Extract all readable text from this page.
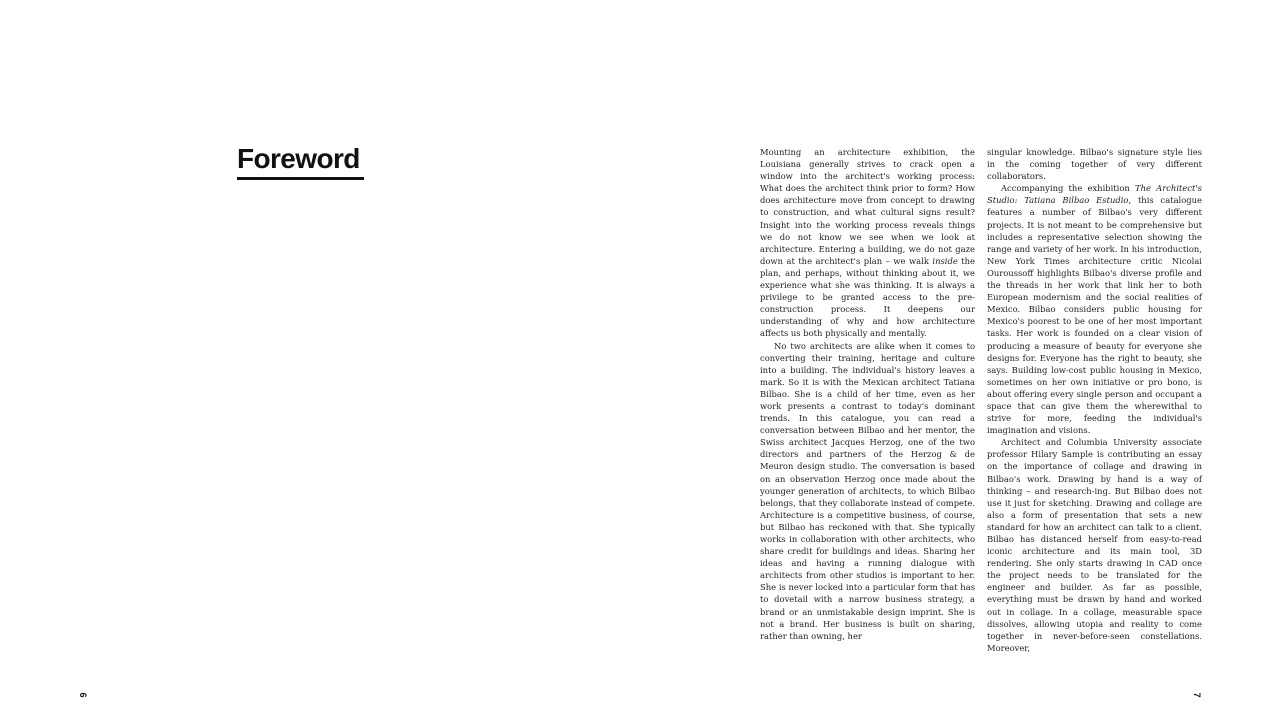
Foreword	Mounting an architecture exhibition, the Louisiana generally strives to crack open a window into the architect's working process: What does the architect think prior to form? How does architecture move from concept to drawing to construction, and what cultural signs result? Insight into the working process reveals things we do not know we see when we look at architecture. Entering a building, we do not gaze down at the architect's plan – we walk inside the plan, and perhaps, without thinking about it, we experience what she was thinking. It is always a privilege to be granted access to the pre-construction process. It deepens our understanding of why and how architecture affects us both physically and mentally.

No two architects are alike when it comes to converting their training, heritage and culture into a building. The individual's history leaves a mark. So it is with the Mexican architect Tatiana Bilbao. She is a child of her time, even as her work presents a contrast to today's dominant trends. In this catalogue, you can read a conversation between Bilbao and her mentor, the Swiss architect Jacques Herzog, one of the two directors and partners of the Herzog & de Meuron design studio. The conversation is based on an observation Herzog once made about the younger generation of architects, to which Bilbao belongs, that they collaborate instead of compete. Architecture is a competitive business, of course, but Bilbao has reckoned with that. She typically works in collaboration with other architects, who share credit for buildings and ideas. Sharing her ideas and having a running dialogue with architects from other studios is important to her. She is never locked into a particular form that has to dovetail with a narrow business strategy, a brand or an unmistakable design imprint. She is not a brand. Her business is built on sharing, rather than owning, her

singular knowledge. Bilbao's signature style lies in the coming together of very different collaborators.

Accompanying the exhibition The Architect's Studio: Tatiana Bilbao Estudio, this catalogue features a number of Bilbao's very different projects. It is not meant to be comprehensive but includes a representative selection showing the range and variety of her work. In his introduction, New York Times architecture critic Nicolai Ouroussoff highlights Bilbao's diverse profile and the threads in her work that link her to both European modernism and the social realities of Mexico. Bilbao considers public housing for Mexico's poorest to be one of her most important tasks. Her work is founded on a clear vision of producing a measure of beauty for everyone she designs for. Everyone has the right to beauty, she says. Building low-cost public housing in Mexico, sometimes on her own initiative or pro bono, is about offering every single person and occupant a space that can give them the wherewithal to strive for more, feeding the individual's imagination and visions.

Architect and Columbia University associate professor Hilary Sample is contributing an essay on the importance of collage and drawing in Bilbao's work. Drawing by hand is a way of thinking – and research-ing. But Bilbao does not use it just for sketching. Drawing and collage are also a form of presentation that sets a new standard for how an architect can talk to a client. Bilbao has distanced herself from easy-to-read iconic architecture and its main tool, 3D rendering. She only starts drawing in CAD once the project needs to be translated for the engineer and builder. As far as possible, everything must be drawn by hand and worked out in collage. In a collage, measurable space dissolves, allowing utopia and reality to come together in never-before-seen constellations. Moreover,

6	7
